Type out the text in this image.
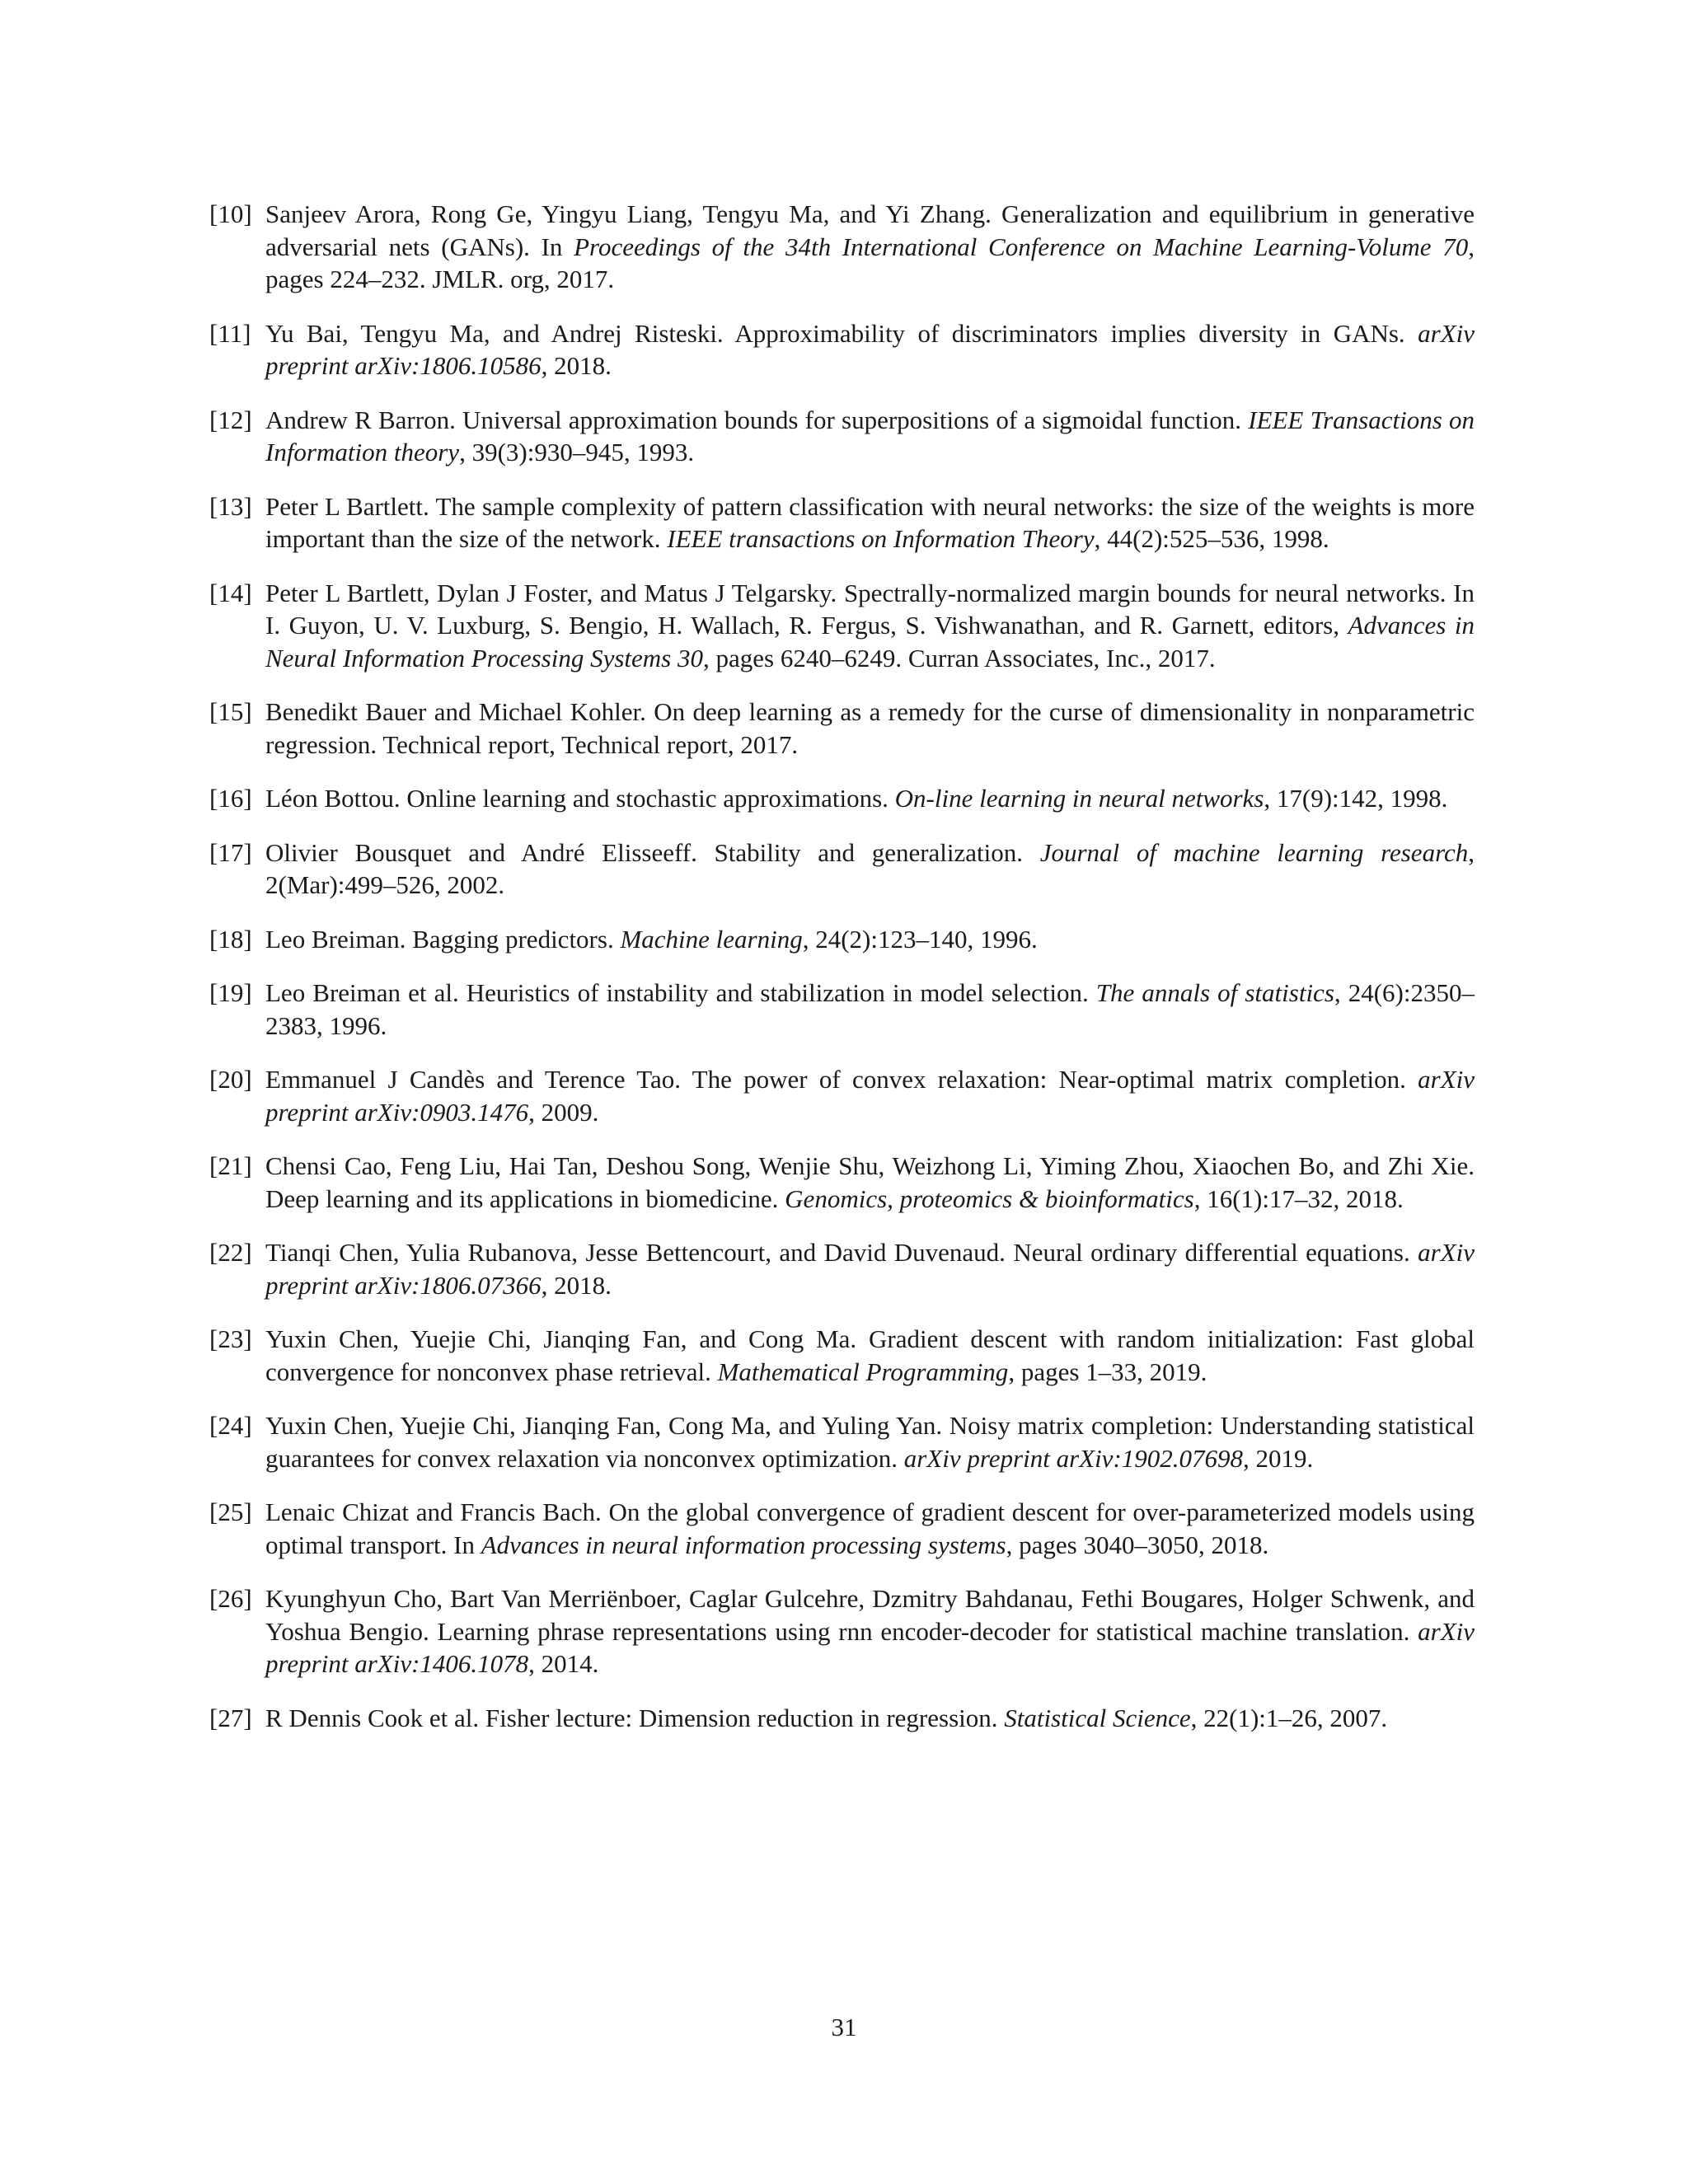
[10] Sanjeev Arora, Rong Ge, Yingyu Liang, Tengyu Ma, and Yi Zhang. Generalization and equilibrium in generative adversarial nets (GANs). In Proceedings of the 34th International Conference on Machine Learning-Volume 70, pages 224–232. JMLR. org, 2017.
[11] Yu Bai, Tengyu Ma, and Andrej Risteski. Approximability of discriminators implies diversity in GANs. arXiv preprint arXiv:1806.10586, 2018.
[12] Andrew R Barron. Universal approximation bounds for superpositions of a sigmoidal function. IEEE Transactions on Information theory, 39(3):930–945, 1993.
[13] Peter L Bartlett. The sample complexity of pattern classification with neural networks: the size of the weights is more important than the size of the network. IEEE transactions on Information Theory, 44(2):525–536, 1998.
[14] Peter L Bartlett, Dylan J Foster, and Matus J Telgarsky. Spectrally-normalized margin bounds for neural networks. In I. Guyon, U. V. Luxburg, S. Bengio, H. Wallach, R. Fergus, S. Vishwanathan, and R. Garnett, editors, Advances in Neural Information Processing Systems 30, pages 6240–6249. Curran Associates, Inc., 2017.
[15] Benedikt Bauer and Michael Kohler. On deep learning as a remedy for the curse of dimensionality in nonparametric regression. Technical report, Technical report, 2017.
[16] Léon Bottou. Online learning and stochastic approximations. On-line learning in neural networks, 17(9):142, 1998.
[17] Olivier Bousquet and André Elisseeff. Stability and generalization. Journal of machine learning research, 2(Mar):499–526, 2002.
[18] Leo Breiman. Bagging predictors. Machine learning, 24(2):123–140, 1996.
[19] Leo Breiman et al. Heuristics of instability and stabilization in model selection. The annals of statistics, 24(6):2350–2383, 1996.
[20] Emmanuel J Candès and Terence Tao. The power of convex relaxation: Near-optimal matrix completion. arXiv preprint arXiv:0903.1476, 2009.
[21] Chensi Cao, Feng Liu, Hai Tan, Deshou Song, Wenjie Shu, Weizhong Li, Yiming Zhou, Xiaochen Bo, and Zhi Xie. Deep learning and its applications in biomedicine. Genomics, proteomics & bioinformatics, 16(1):17–32, 2018.
[22] Tianqi Chen, Yulia Rubanova, Jesse Bettencourt, and David Duvenaud. Neural ordinary differential equations. arXiv preprint arXiv:1806.07366, 2018.
[23] Yuxin Chen, Yuejie Chi, Jianqing Fan, and Cong Ma. Gradient descent with random initialization: Fast global convergence for nonconvex phase retrieval. Mathematical Programming, pages 1–33, 2019.
[24] Yuxin Chen, Yuejie Chi, Jianqing Fan, Cong Ma, and Yuling Yan. Noisy matrix completion: Understanding statistical guarantees for convex relaxation via nonconvex optimization. arXiv preprint arXiv:1902.07698, 2019.
[25] Lenaic Chizat and Francis Bach. On the global convergence of gradient descent for over-parameterized models using optimal transport. In Advances in neural information processing systems, pages 3040–3050, 2018.
[26] Kyunghyun Cho, Bart Van Merriënboer, Caglar Gulcehre, Dzmitry Bahdanau, Fethi Bougares, Holger Schwenk, and Yoshua Bengio. Learning phrase representations using rnn encoder-decoder for statistical machine translation. arXiv preprint arXiv:1406.1078, 2014.
[27] R Dennis Cook et al. Fisher lecture: Dimension reduction in regression. Statistical Science, 22(1):1–26, 2007.
31
